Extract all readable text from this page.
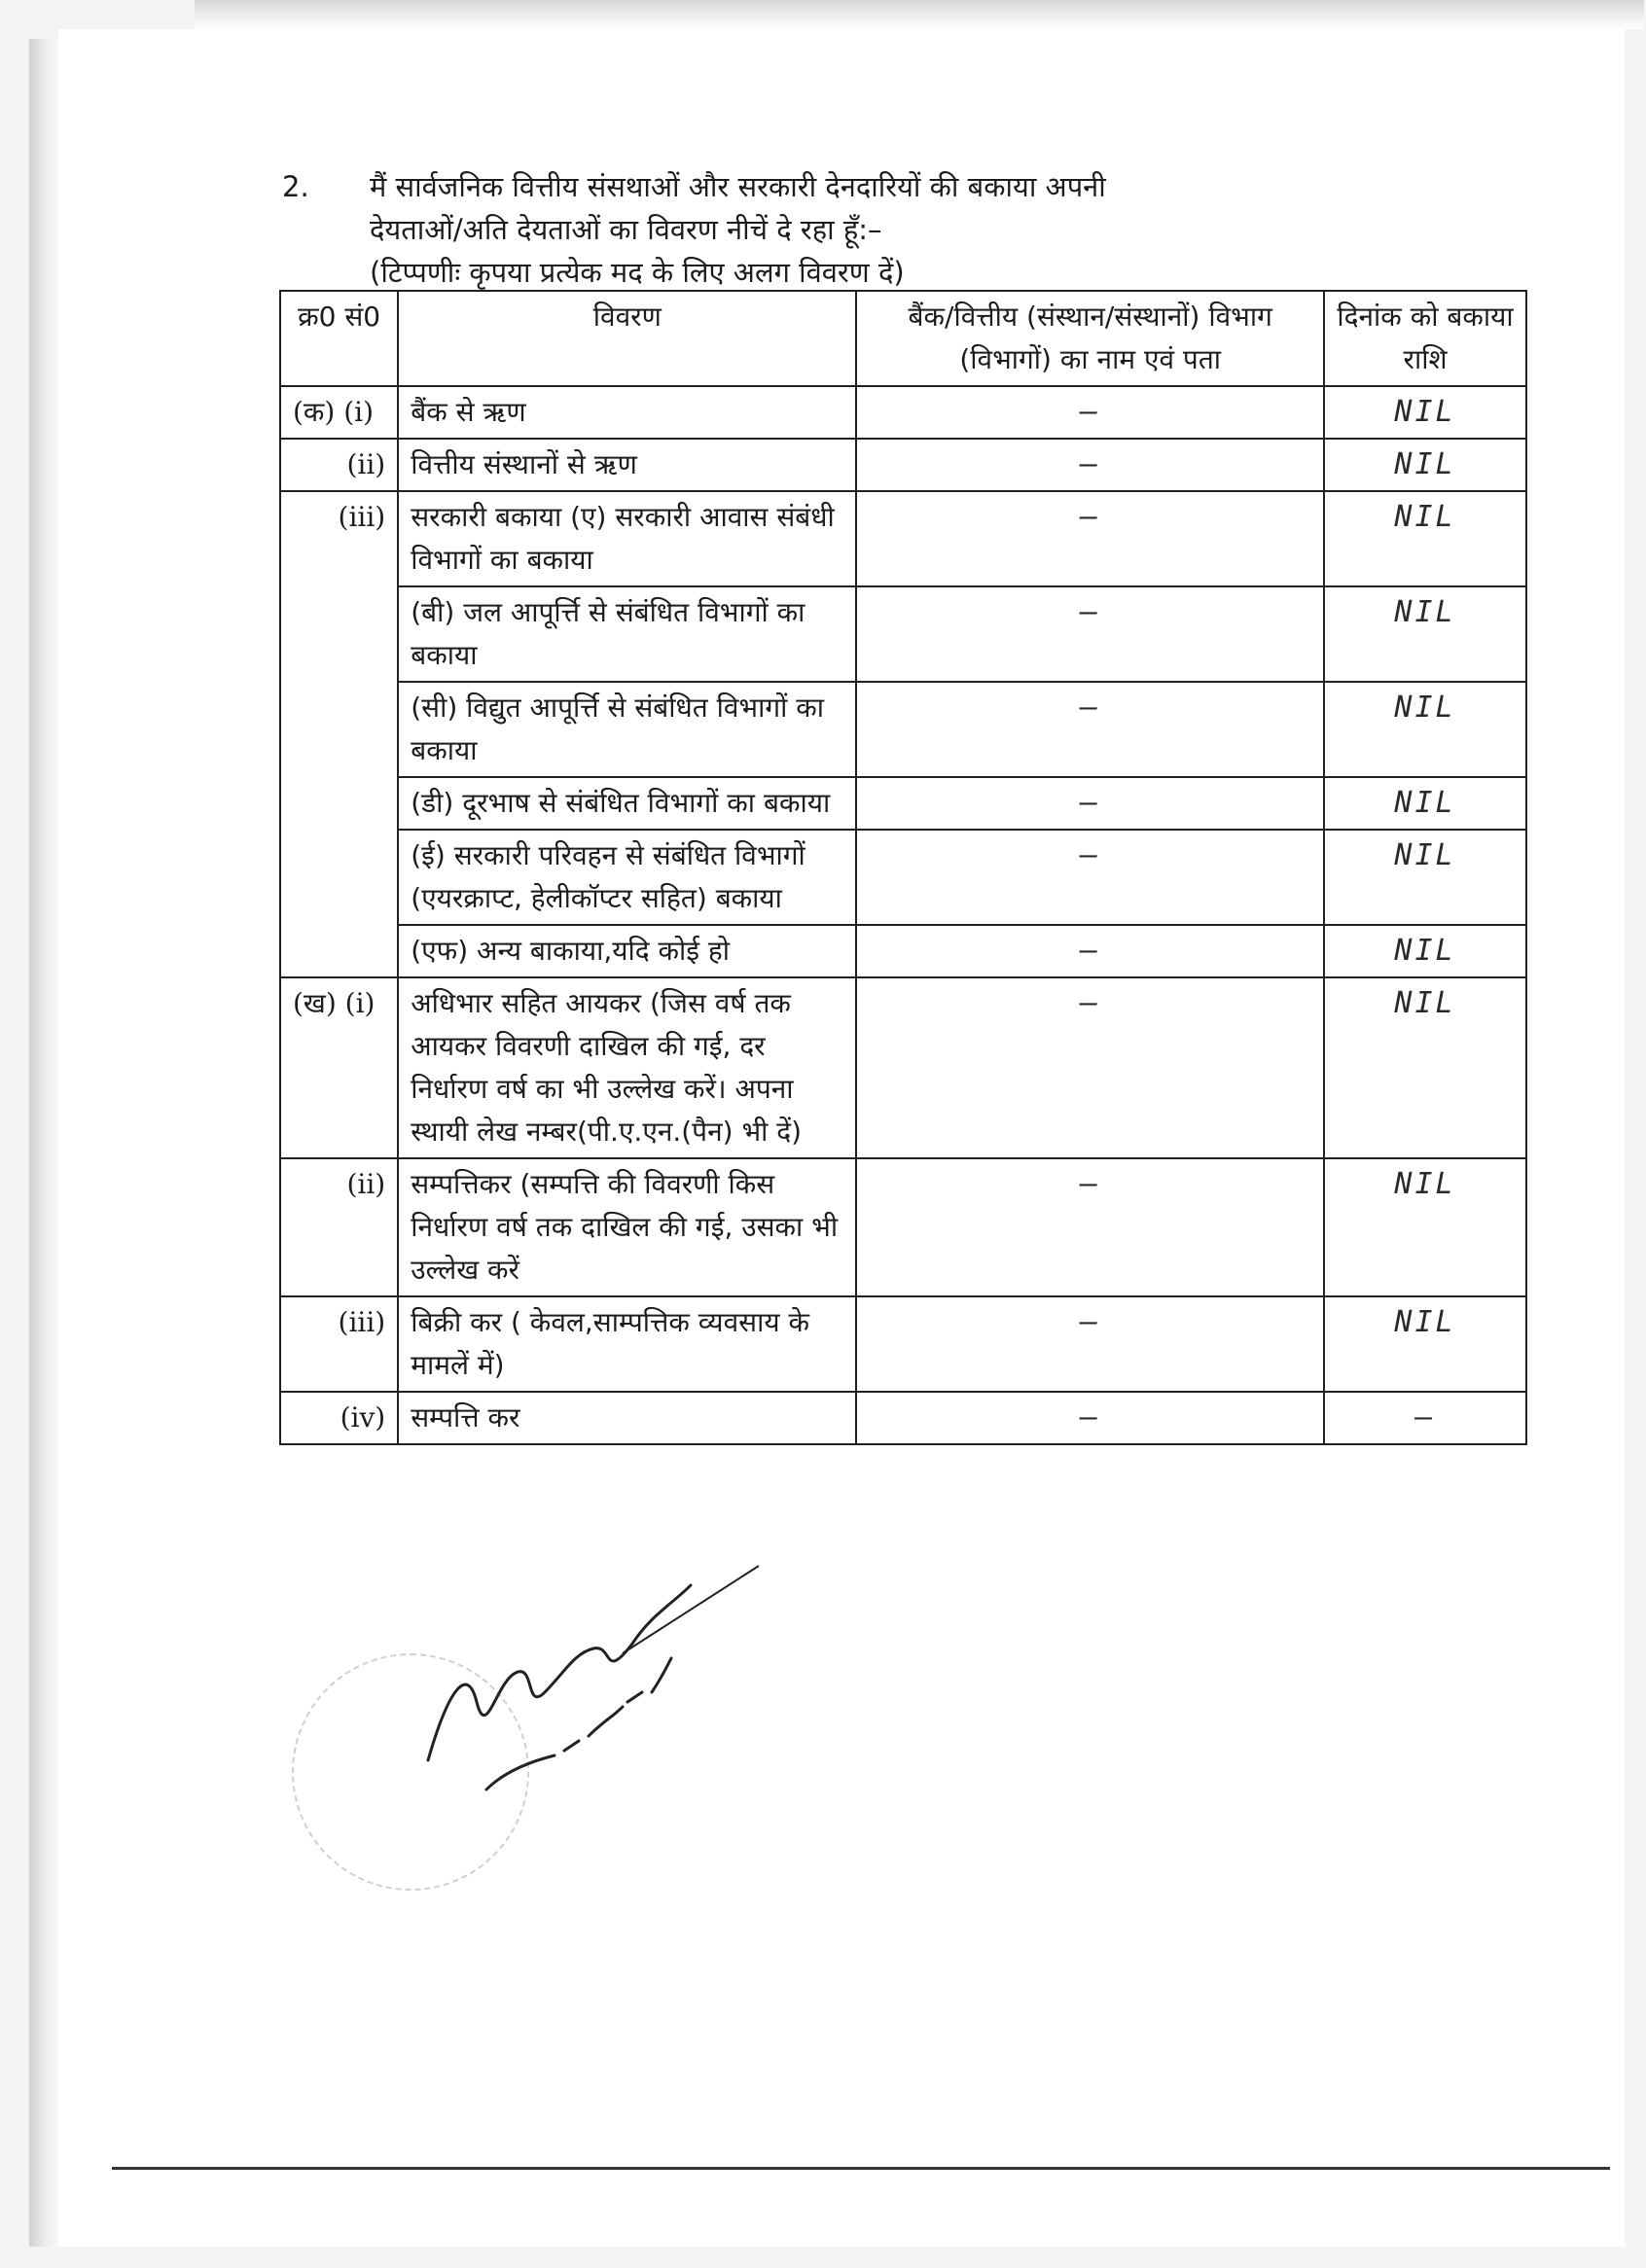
2. मैं सार्वजनिक वित्तीय संसथाओं और सरकारी देनदारियों की बकाया अपनी
देयताओं/अति देयताओं का विवरण नीचें दे रहा हूँ:–
(टिप्पणीः कृपया प्रत्येक मद के लिए अलग विवरण दें)
क्र0 सं0	विवरण	बैंक/वित्तीय (संस्थान/संस्थानों) विभाग (विभागों) का नाम एवं पता	दिनांक को बकाया राशि
(क) (i)	बैंक से ऋण	—	NIL
(ii)	वित्तीय संस्थानों से ऋण	—	NIL
(iii)	सरकारी बकाया (ए) सरकारी आवास संबंधी विभागों का बकाया	—	NIL
	(बी) जल आपूर्त्ति से संबंधित विभागों का बकाया	—	NIL
	(सी) विद्युत आपूर्त्ति से संबंधित विभागों का बकाया	—	NIL
	(डी) दूरभाष से संबंधित विभागों का बकाया	—	NIL
	(ई) सरकारी परिवहन से संबंधित विभागों (एयरक्राप्ट, हेलीकॉप्टर सहित) बकाया	—	NIL
	(एफ) अन्य बाकाया,यदि कोई हो	—	NIL
(ख) (i)	अधिभार सहित आयकर (जिस वर्ष तक आयकर विवरणी दाखिल की गई, दर निर्धारण वर्ष का भी उल्लेख करें। अपना स्थायी लेख नम्बर(पी.ए.एन.(पैन) भी दें)	—	NIL
(ii)	सम्पत्तिकर (सम्पत्ति की विवरणी किस निर्धारण वर्ष तक दाखिल की गई, उसका भी उल्लेख करें	—	NIL
(iii)	बिक्री कर ( केवल,साम्पत्तिक व्यवसाय के मामलें में)	—	NIL
(iv)	सम्पत्ति कर	—	—
